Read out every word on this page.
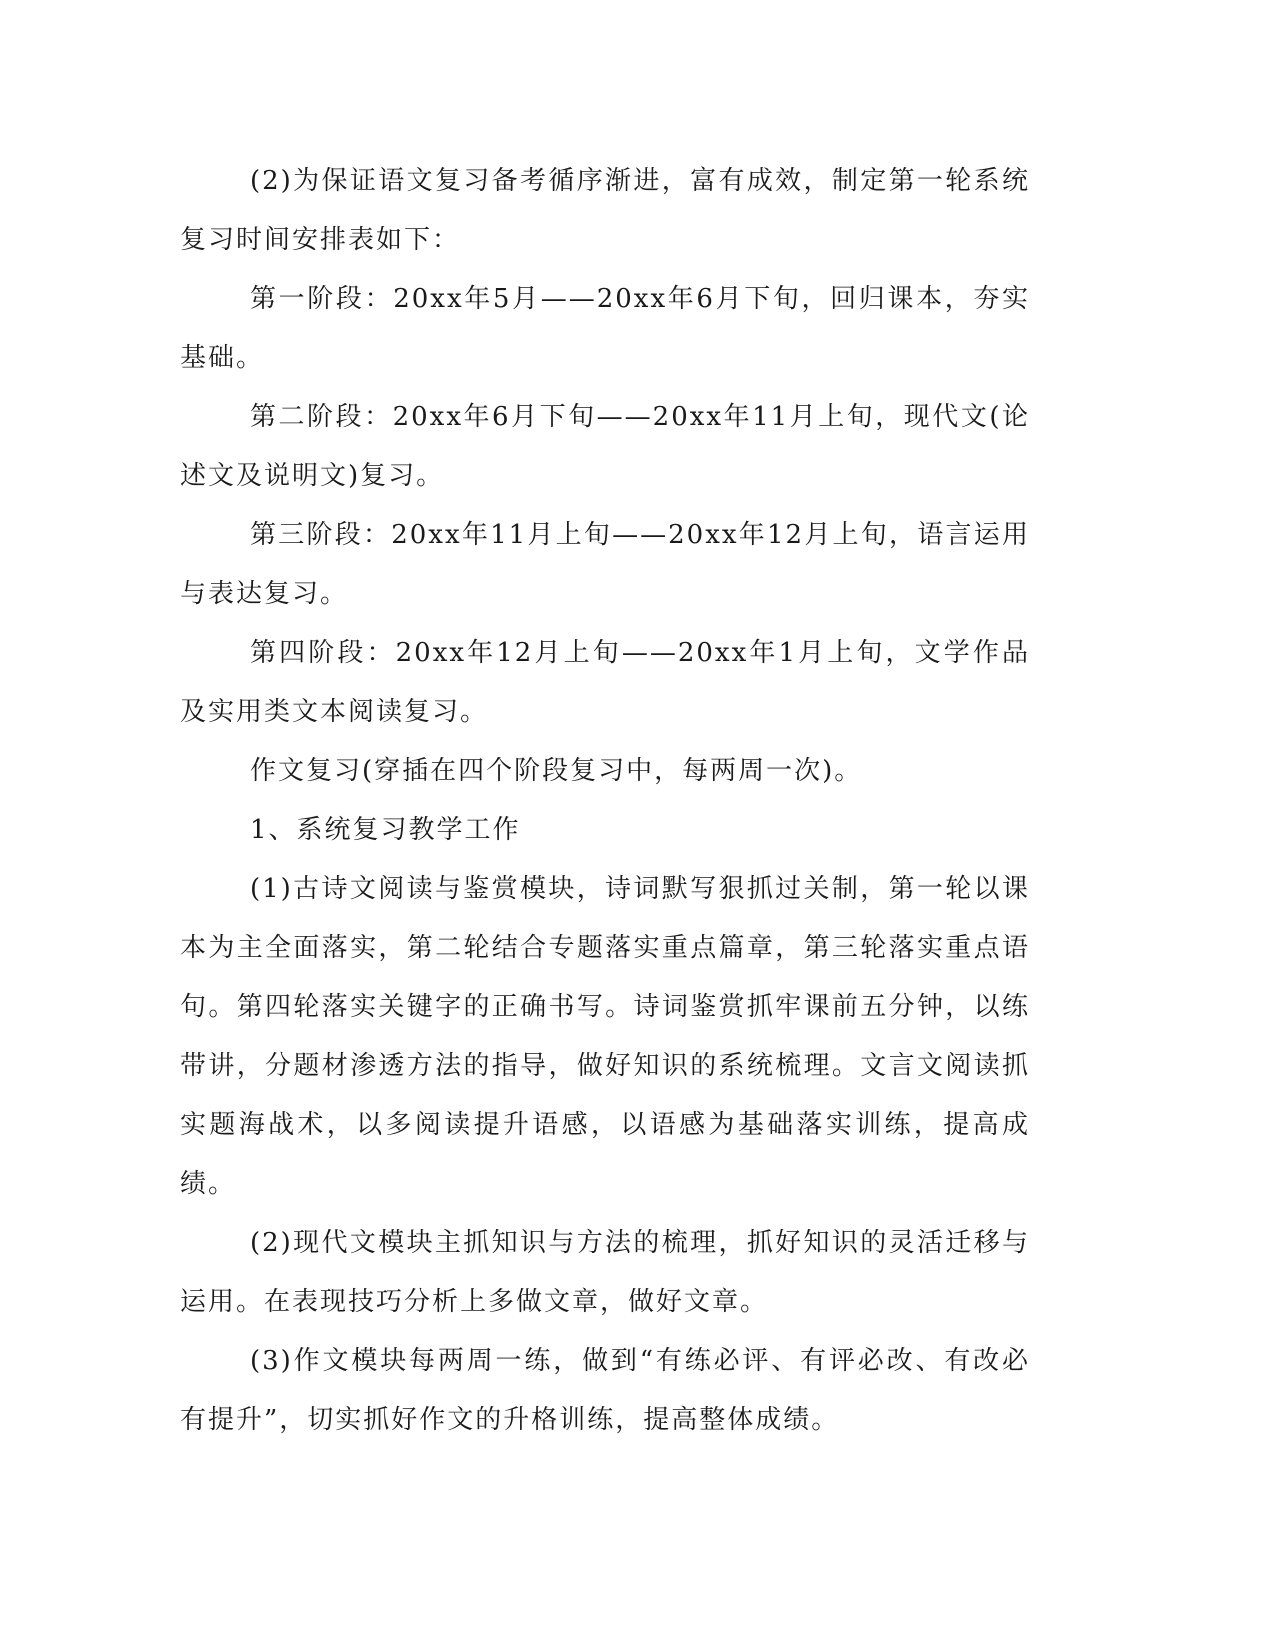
(2)为保证语文复习备考循序渐进，富有成效，制定第一轮系统复习时间安排表如下：

第一阶段：20xx年5月——20xx年6月下旬，回归课本，夯实基础。

第二阶段：20xx年6月下旬——20xx年11月上旬，现代文(论述文及说明文)复习。

第三阶段：20xx年11月上旬——20xx年12月上旬，语言运用与表达复习。

第四阶段：20xx年12月上旬——20xx年1月上旬，文学作品及实用类文本阅读复习。

作文复习(穿插在四个阶段复习中，每两周一次)。

1、系统复习教学工作

(1)古诗文阅读与鉴赏模块，诗词默写狠抓过关制，第一轮以课本为主全面落实，第二轮结合专题落实重点篇章，第三轮落实重点语句。第四轮落实关键字的正确书写。诗词鉴赏抓牢课前五分钟，以练带讲，分题材渗透方法的指导，做好知识的系统梳理。文言文阅读抓实题海战术，以多阅读提升语感，以语感为基础落实训练，提高成绩。

(2)现代文模块主抓知识与方法的梳理，抓好知识的灵活迁移与运用。在表现技巧分析上多做文章，做好文章。

(3)作文模块每两周一练，做到“有练必评、有评必改、有改必有提升”，切实抓好作文的升格训练，提高整体成绩。
